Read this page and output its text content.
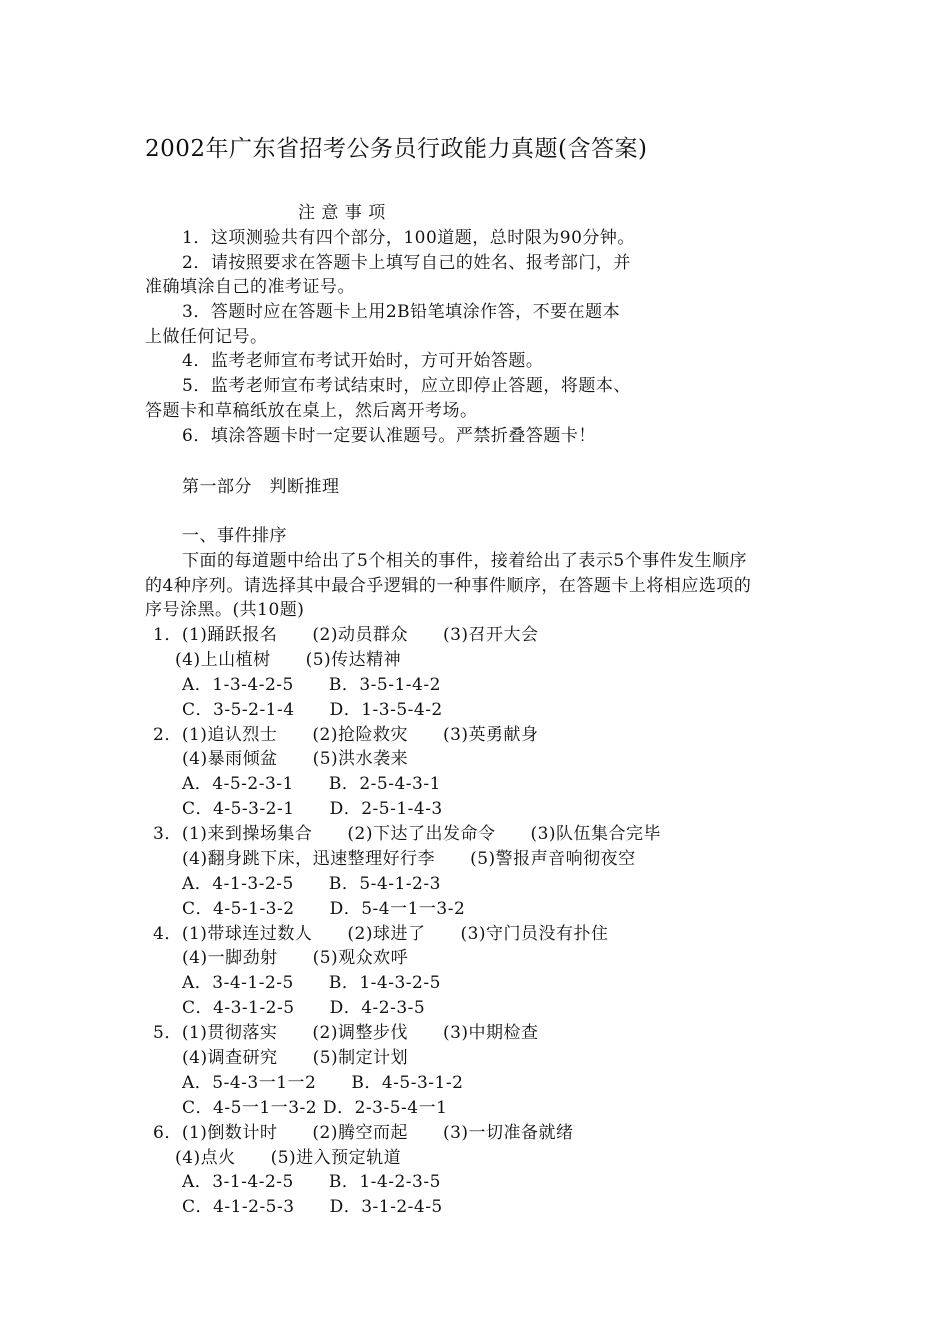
2002年广东省招考公务员行政能力真题(含答案)
注 意 事 项
1．这项测验共有四个部分，100道题，总时限为90分钟。
2．请按照要求在答题卡上填写自己的姓名、报考部门，并
准确填涂自己的准考证号。
3．答题时应在答题卡上用2B铅笔填涂作答，不要在题本
上做任何记号。
4．监考老师宣布考试开始时，方可开始答题。
5．监考老师宣布考试结束时，应立即停止答题，将题本、
答题卡和草稿纸放在桌上，然后离开考场。
6．填涂答题卡时一定要认准题号。严禁折叠答题卡！
第一部分　判断推理
一、事件排序
下面的每道题中给出了5个相关的事件，接着给出了表示5个事件发生顺序
的4种序列。请选择其中最合乎逻辑的一种事件顺序，在答题卡上将相应选项的
序号涂黑。(共10题)
1．(1)踊跃报名　　(2)动员群众　　(3)召开大会
(4)上山植树　　(5)传达精神
A．1-3-4-2-5　　B．3-5-1-4-2
C．3-5-2-1-4　　D．1-3-5-4-2
2．(1)追认烈士　　(2)抢险救灾　　(3)英勇献身
(4)暴雨倾盆　　(5)洪水袭来
A．4-5-2-3-1　　B．2-5-4-3-1
C．4-5-3-2-1　　D．2-5-1-4-3
3．(1)来到操场集合　　(2)下达了出发命令　　(3)队伍集合完毕
(4)翻身跳下床，迅速整理好行李　　(5)警报声音响彻夜空
A．4-1-3-2-5　　B．5-4-1-2-3
C．4-5-1-3-2　　D．5-4一1一3-2
4．(1)带球连过数人　　(2)球进了　　(3)守门员没有扑住
(4)一脚劲射　　(5)观众欢呼
A．3-4-1-2-5　　B．1-4-3-2-5
C．4-3-1-2-5　　D．4-2-3-5
5．(1)贯彻落实　　(2)调整步伐　　(3)中期检查
(4)调查研究　　(5)制定计划
A．5-4-3一1一2　　B．4-5-3-1-2
C．4-5一1一3-2 D．2-3-5-4一1
6．(1)倒数计时　　(2)腾空而起　　(3)一切准备就绪
(4)点火　　(5)进入预定轨道
A．3-1-4-2-5　　B．1-4-2-3-5
C．4-1-2-5-3　　D．3-1-2-4-5
